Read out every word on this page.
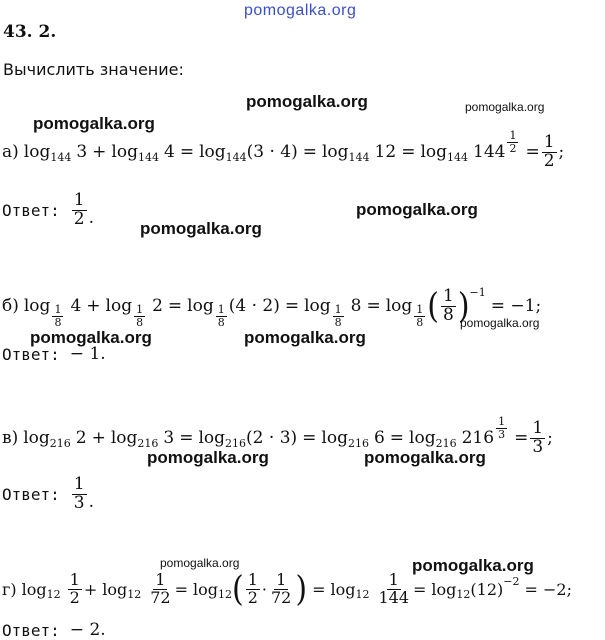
pomogalka.org
pomogalka.org	pomogalka.org
pomogalka.org
pomogalka.org
pomogalka.org
pomogalka.org
pomogalka.org	pomogalka.org
pomogalka.org	pomogalka.org
pomogalka.org	pomogalka.org
43. 2.
Вычислить значение:
а) log 144 3 + log 144 4 = log 144 (3 · 4) = log 144 12 = log 144 $144 \frac{1}{2} = \frac{1}{2}$ ;
Ответ: $\frac{1}{2}$ .
б) $\log \frac{1}{8} 4 + \log \frac{1}{8} 2 = \log \frac{1}{8} (4 \cdot 2) = \log \frac{1}{8} 8 = \log \frac{1}{8}$ ( $\frac{1}{8}$ ) −1
= −1;
Ответ: − 1.
в) log 216 2 + log 216 3 = log 216 (2 · 3) = log 216 6 = log 216 $216 \frac{1}{3} = \frac{1}{3}$ ;
Ответ: $\frac{1}{3}$ .
г) $\log 12 \frac{1}{2} + \log 12 \frac{1}{72} = \log 12$ ( $\frac{1}{2} \cdot \frac{1}{72}$ ) = $\log 12 \frac{1}{144} = \log 12$ (12) −2 = −2;
Ответ: − 2.
